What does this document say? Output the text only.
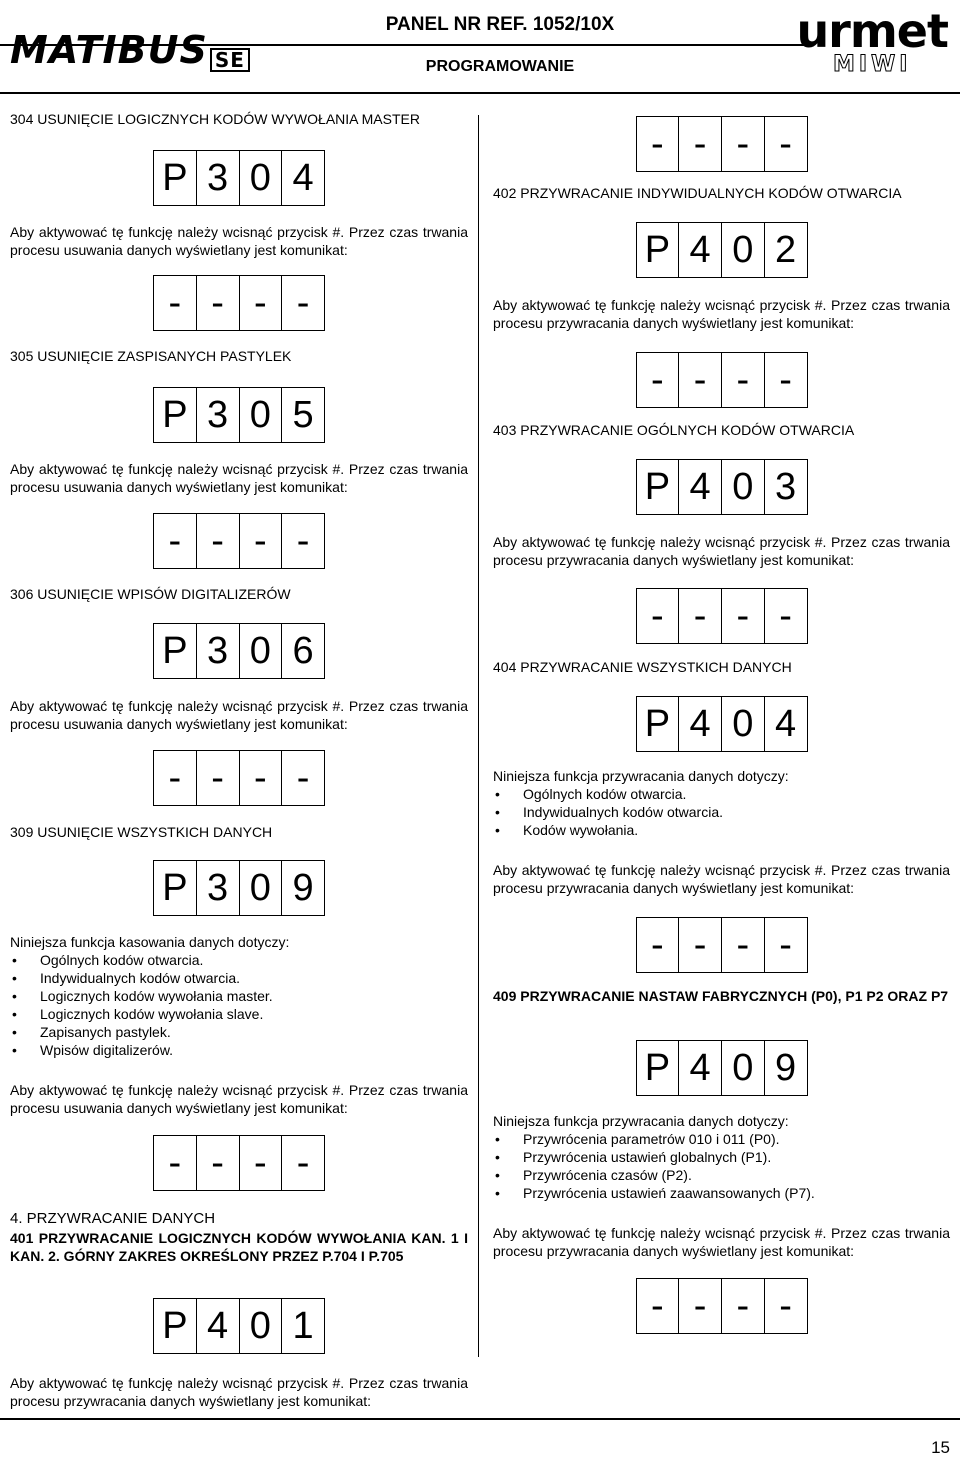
MATIBUS SE
PANEL NR REF. 1052/10X
PROGRAMOWANIE
urmet
MIWI

304 USUNIĘCIE LOGICZNYCH KODÓW WYWOŁANIA MASTER

P 3 0 4

Aby aktywować tę funkcję należy wcisnąć przycisk #. Przez czas trwania procesu usuwania danych wyświetlany jest komunikat:

- - - -

305 USUNIĘCIE ZASPISANYCH PASTYLEK

P 3 0 5

Aby aktywować tę funkcję należy wcisnąć przycisk #. Przez czas trwania procesu usuwania danych wyświetlany jest komunikat:

- - - -

306 USUNIĘCIE WPISÓW DIGITALIZERÓW

P 3 0 6

Aby aktywować tę funkcję należy wcisnąć przycisk #. Przez czas trwania procesu usuwania danych wyświetlany jest komunikat:

- - - -

309 USUNIĘCIE WSZYSTKICH DANYCH

P 3 0 9

Niniejsza funkcja kasowania danych dotyczy:

• Ogólnych kodów otwarcia.
• Indywidualnych kodów otwarcia.
• Logicznych kodów wywołania master.
• Logicznych kodów wywołania slave.
• Zapisanych pastylek.
• Wpisów digitalizerów.

Aby aktywować tę funkcję należy wcisnąć przycisk #. Przez czas trwania procesu usuwania danych wyświetlany jest komunikat:

- - - -

4. PRZYWRACANIE DANYCH

401 PRZYWRACANIE LOGICZNYCH KODÓW WYWOŁANIA KAN. 1 I KAN. 2. GÓRNY ZAKRES OKREŚLONY PRZEZ P.704 I P.705

P 4 0 1

Aby aktywować tę funkcję należy wcisnąć przycisk #. Przez czas trwania procesu przywracania danych wyświetlany jest komunikat:

- - - -

402 PRZYWRACANIE INDYWIDUALNYCH KODÓW OTWARCIA

P 4 0 2

Aby aktywować tę funkcję należy wcisnąć przycisk #. Przez czas trwania procesu przywracania danych wyświetlany jest komunikat:

- - - -

403 PRZYWRACANIE OGÓLNYCH KODÓW OTWARCIA

P 4 0 3

Aby aktywować tę funkcję należy wcisnąć przycisk #. Przez czas trwania procesu przywracania danych wyświetlany jest komunikat:

- - - -

404 PRZYWRACANIE WSZYSTKICH DANYCH

P 4 0 4

Niniejsza funkcja przywracania danych dotyczy:

• Ogólnych kodów otwarcia.
• Indywidualnych kodów otwarcia.
• Kodów wywołania.

Aby aktywować tę funkcję należy wcisnąć przycisk #. Przez czas trwania procesu przywracania danych wyświetlany jest komunikat:

- - - -

409 PRZYWRACANIE NASTAW FABRYCZNYCH (P0), P1 P2 ORAZ P7

P 4 0 9

Niniejsza funkcja przywracania danych dotyczy:

• Przywrócenia parametrów 010 i 011 (P0).
• Przywrócenia ustawień globalnych (P1).
• Przywrócenia czasów (P2).
• Przywrócenia ustawień zaawansowanych (P7).

Aby aktywować tę funkcję należy wcisnąć przycisk #. Przez czas trwania procesu przywracania danych wyświetlany jest komunikat:

- - - -
15
